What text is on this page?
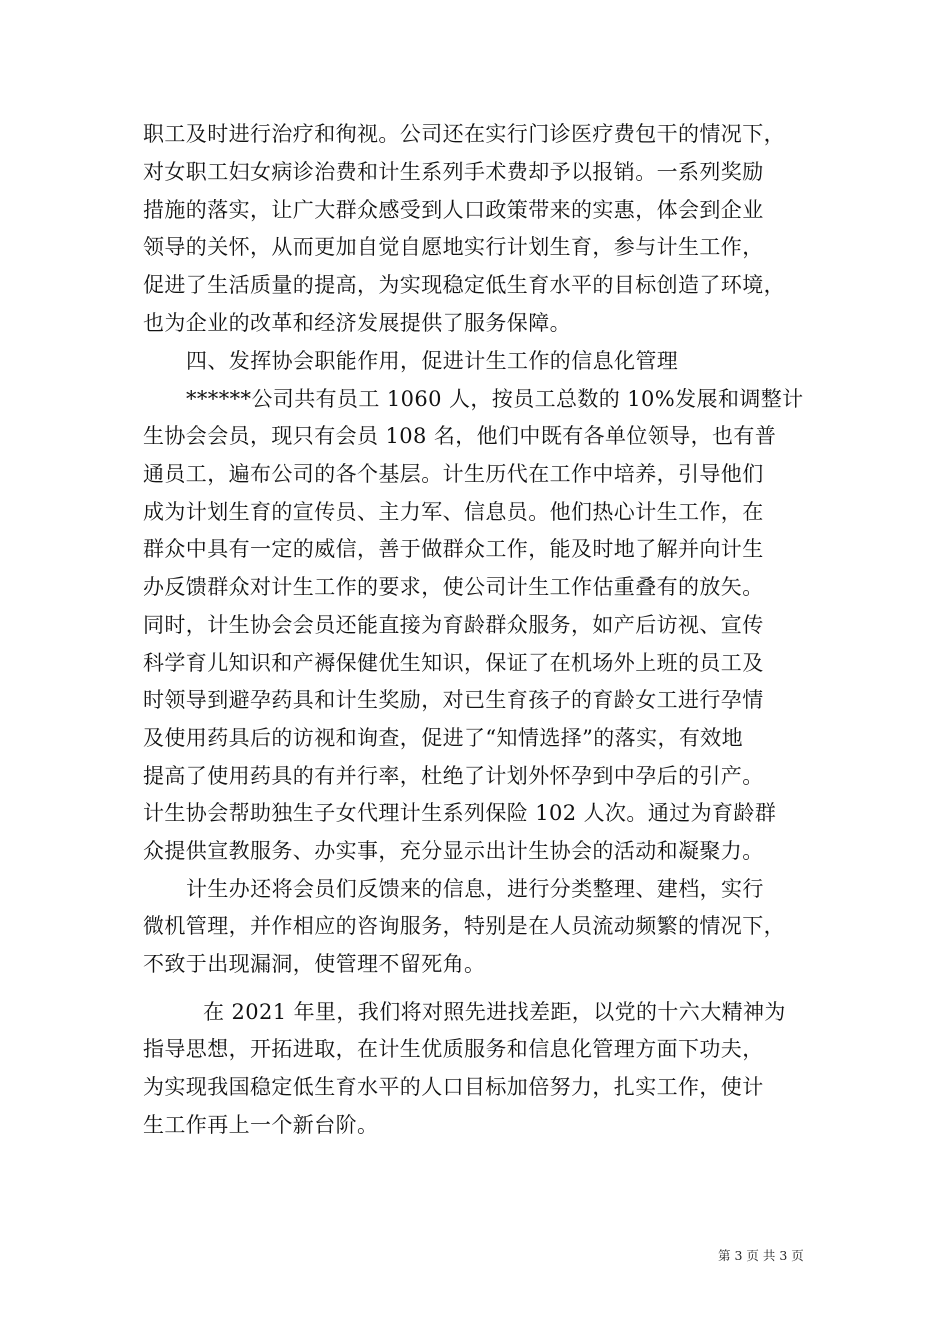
职工及时进行治疗和徇视。公司还在实行门诊医疗费包干的情况下，
对女职工妇女病诊治费和计生系列手术费却予以报销。一系列奖励
措施的落实，让广大群众感受到人口政策带来的实惠，体会到企业
领导的关怀，从而更加自觉自愿地实行计划生育，参与计生工作，
促进了生活质量的提高，为实现稳定低生育水平的目标创造了环境，
也为企业的改革和经济发展提供了服务保障。
四、发挥协会职能作用，促进计生工作的信息化管理
******公司共有员工 1060 人，按员工总数的 10%发展和调整计
生协会会员，现只有会员 108 名，他们中既有各单位领导，也有普
通员工，遍布公司的各个基层。计生历代在工作中培养，引导他们
成为计划生育的宣传员、主力军、信息员。他们热心计生工作，在
群众中具有一定的威信，善于做群众工作，能及时地了解并向计生
办反馈群众对计生工作的要求，使公司计生工作估重叠有的放矢。
同时，计生协会会员还能直接为育龄群众服务，如产后访视、宣传
科学育儿知识和产褥保健优生知识，保证了在机场外上班的员工及
时领导到避孕药具和计生奖励，对已生育孩子的育龄女工进行孕情
及使用药具后的访视和询查，促进了“知情选择”的落实，有效地
提高了使用药具的有并行率，杜绝了计划外怀孕到中孕后的引产。
计生协会帮助独生子女代理计生系列保险 102 人次。通过为育龄群
众提供宣教服务、办实事，充分显示出计生协会的活动和凝聚力。
计生办还将会员们反馈来的信息，进行分类整理、建档，实行
微机管理，并作相应的咨询服务，特别是在人员流动频繁的情况下，
不致于出现漏洞，使管理不留死角。
在 2021 年里，我们将对照先进找差距，以党的十六大精神为
指导思想，开拓进取，在计生优质服务和信息化管理方面下功夫，
为实现我国稳定低生育水平的人口目标加倍努力，扎实工作，使计
生工作再上一个新台阶。
第 3 页 共 3 页
